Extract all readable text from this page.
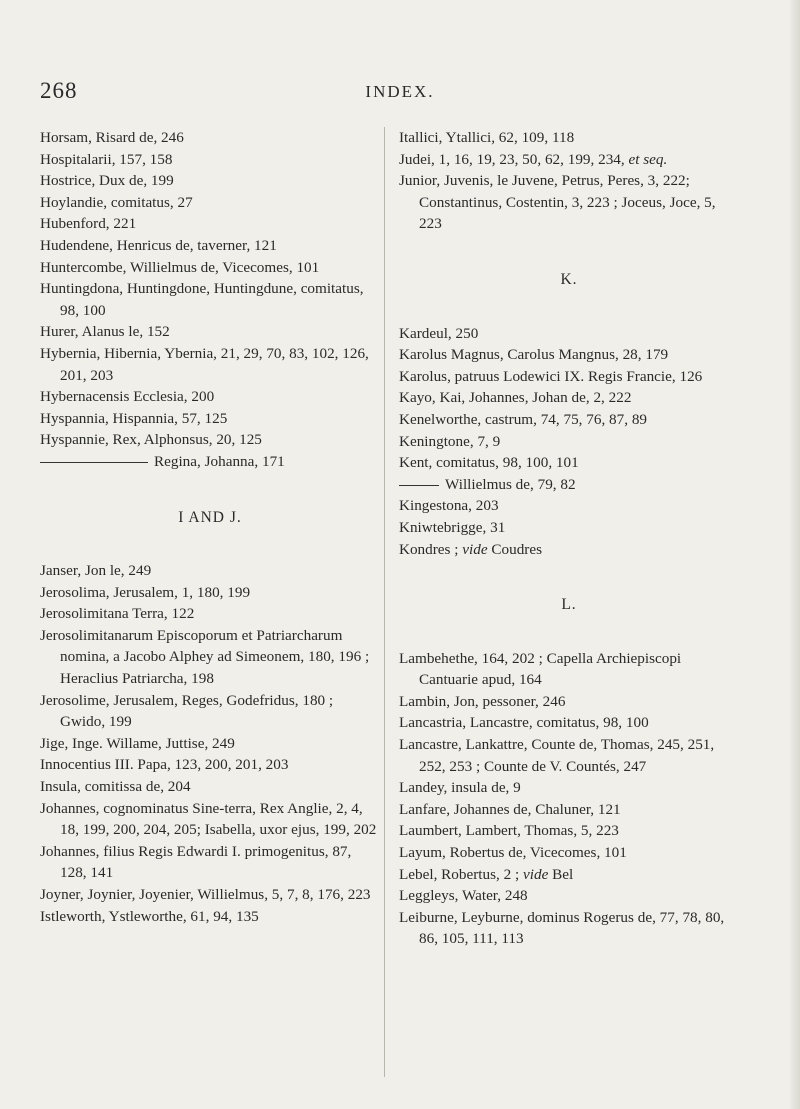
268	INDEX.
Horsam, Risard de, 246
Hospitalarii, 157, 158
Hostrice, Dux de, 199
Hoylandie, comitatus, 27
Hubenford, 221
Hudendene, Henricus de, taverner, 121
Huntercombe, Willielmus de, Vicecomes, 101
Huntingdona, Huntingdone, Huntingdune, comitatus, 98, 100
Hurer, Alanus le, 152
Hybernia, Hibernia, Ybernia, 21, 29, 70, 83, 102, 126, 201, 203
Hybernacensis Ecclesia, 200
Hyspannia, Hispannia, 57, 125
Hyspannie, Rex, Alphonsus, 20, 125
Regina, Johanna, 171
I AND J.
Janser, Jon le, 249
Jerosolima, Jerusalem, 1, 180, 199
Jerosolimitana Terra, 122
Jerosolimitanarum Episcoporum et Patriarcharum nomina, a Jacobo Alphey ad Simeonem, 180, 196 ; Heraclius Patriarcha, 198
Jerosolime, Jerusalem, Reges, Godefridus, 180 ; Gwido, 199
Jige, Inge. Willame, Juttise, 249
Innocentius III. Papa, 123, 200, 201, 203
Insula, comitissa de, 204
Johannes, cognominatus Sine-terra, Rex Anglie, 2, 4, 18, 199, 200, 204, 205; Isabella, uxor ejus, 199, 202
Johannes, filius Regis Edwardi I. primogenitus, 87, 128, 141
Joyner, Joynier, Joyenier, Willielmus, 5, 7, 8, 176, 223
Istleworth, Ystleworthe, 61, 94, 135
Itallici, Ytallici, 62, 109, 118
Judei, 1, 16, 19, 23, 50, 62, 199, 234, et seq.
Junior, Juvenis, le Juvene, Petrus, Peres, 3, 222; Constantinus, Costentin, 3, 223 ; Joceus, Joce, 5, 223
K.
Kardeul, 250
Karolus Magnus, Carolus Mangnus, 28, 179
Karolus, patruus Lodewici IX. Regis Francie, 126
Kayo, Kai, Johannes, Johan de, 2, 222
Kenelworthe, castrum, 74, 75, 76, 87, 89
Keningtone, 7, 9
Kent, comitatus, 98, 100, 101
Willielmus de, 79, 82
Kingestona, 203
Kniwtebrigge, 31
Kondres ; vide Coudres
L.
Lambehethe, 164, 202 ; Capella Archiepiscopi Cantuarie apud, 164
Lambin, Jon, pessoner, 246
Lancastria, Lancastre, comitatus, 98, 100
Lancastre, Lankattre, Counte de, Thomas, 245, 251, 252, 253 ; Counte de V. Countés, 247
Landey, insula de, 9
Lanfare, Johannes de, Chaluner, 121
Laumbert, Lambert, Thomas, 5, 223
Layum, Robertus de, Vicecomes, 101
Lebel, Robertus, 2 ; vide Bel
Leggleys, Water, 248
Leiburne, Leyburne, dominus Rogerus de, 77, 78, 80, 86, 105, 111, 113
